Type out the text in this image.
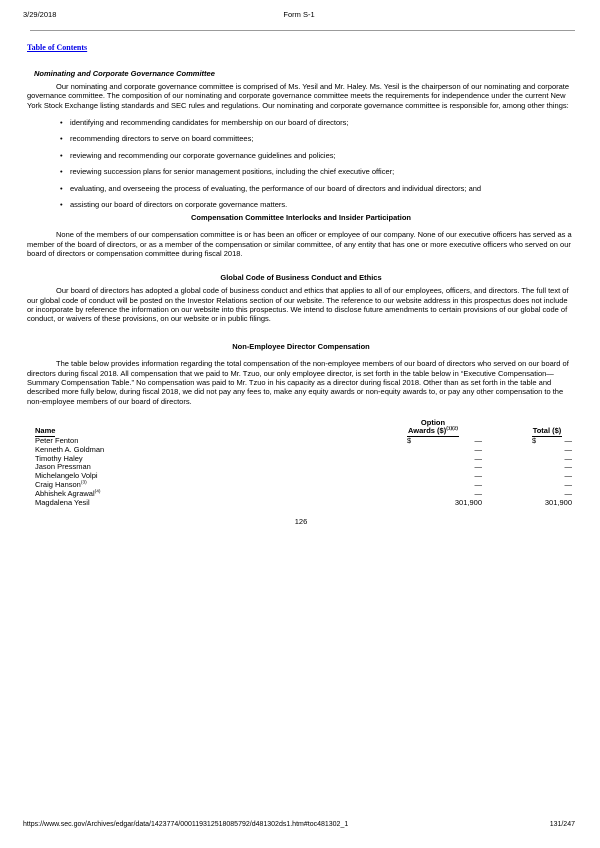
3/29/2018	Form S-1
Table of Contents
Nominating and Corporate Governance Committee

Our nominating and corporate governance committee is comprised of Ms. Yesil and Mr. Haley. Ms. Yesil is the chairperson of our nominating and corporate governance committee. The composition of our nominating and corporate governance committee meets the requirements for independence under the current New York Stock Exchange listing standards and SEC rules and regulations. Our nominating and corporate governance committee is responsible for, among other things:

• identifying and recommending candidates for membership on our board of directors;
• recommending directors to serve on board committees;
• reviewing and recommending our corporate governance guidelines and policies;
• reviewing succession plans for senior management positions, including the chief executive officer;
• evaluating, and overseeing the process of evaluating, the performance of our board of directors and individual directors; and
• assisting our board of directors on corporate governance matters.
Compensation Committee Interlocks and Insider Participation

None of the members of our compensation committee is or has been an officer or employee of our company. None of our executive officers has served as a member of the board of directors, or as a member of the compensation or similar committee, of any entity that has one or more executive officers who served on our board of directors or compensation committee during fiscal 2018.

Global Code of Business Conduct and Ethics

Our board of directors has adopted a global code of business conduct and ethics that applies to all of our employees, officers, and directors. The full text of our global code of conduct will be posted on the Investor Relations section of our website. The reference to our website address in this prospectus does not include or incorporate by reference the information on our website into this prospectus. We intend to disclose future amendments to certain provisions of our global code of conduct, or waivers of these provisions, on our website or in public filings.

Non-Employee Director Compensation

The table below provides information regarding the total compensation of the non-employee members of our board of directors who served on our board of directors during fiscal 2018. All compensation that we paid to Mr. Tzuo, our only employee director, is set forth in the table below in “Executive Compensation—Summary Compensation Table.” No compensation was paid to Mr. Tzuo in his capacity as a director during fiscal 2018. Other than as set forth in the table and described more fully below, during fiscal 2018, we did not pay any fees to, make any equity awards or non-equity awards to, or pay any other compensation to the non-employee members of our board of directors.

Name	Option
Awards ($)$^{(1)(2)}$		Total ($)

Peter Fenton	$ —		$ —

Kenneth A. Goldman	—		—

Timothy Haley	—		—

Jason Pressman	—		—

Michelangelo Volpi	—		—

Craig Hanson$^{(3)}$	—		—

Abhishek Agrawal$^{(4)}$	—		—

Magdalena Yesil	301,900		301,900
126
https://www.sec.gov/Archives/edgar/data/1423774/000119312518085792/d481302ds1.htm#toc481302_1	131/247
